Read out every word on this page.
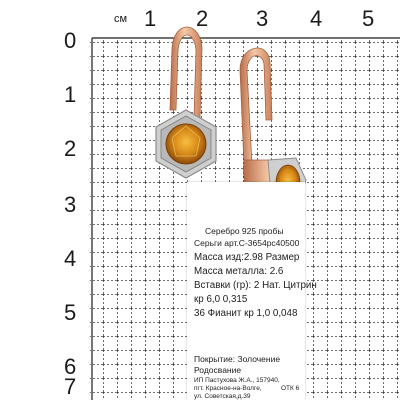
см 1 2 3 4 5
0
1
2
3
4
5
6
7
Серебро 925 пробы
Серьги арт.С-3654рс40500
Масса изд:2.98 Размер
Масса металла: 2.6
Вставки (гр): 2 Нат. Цитрин
кр 6,0 0,315
36 Фианит кр 1,0 0,048
Покрытие: Золочение
Родосвание
ИП Пастухова Ж.А., 157940,
пгт. Красное-на-Волге,
ул. Советская,д.39
ОТК 6
